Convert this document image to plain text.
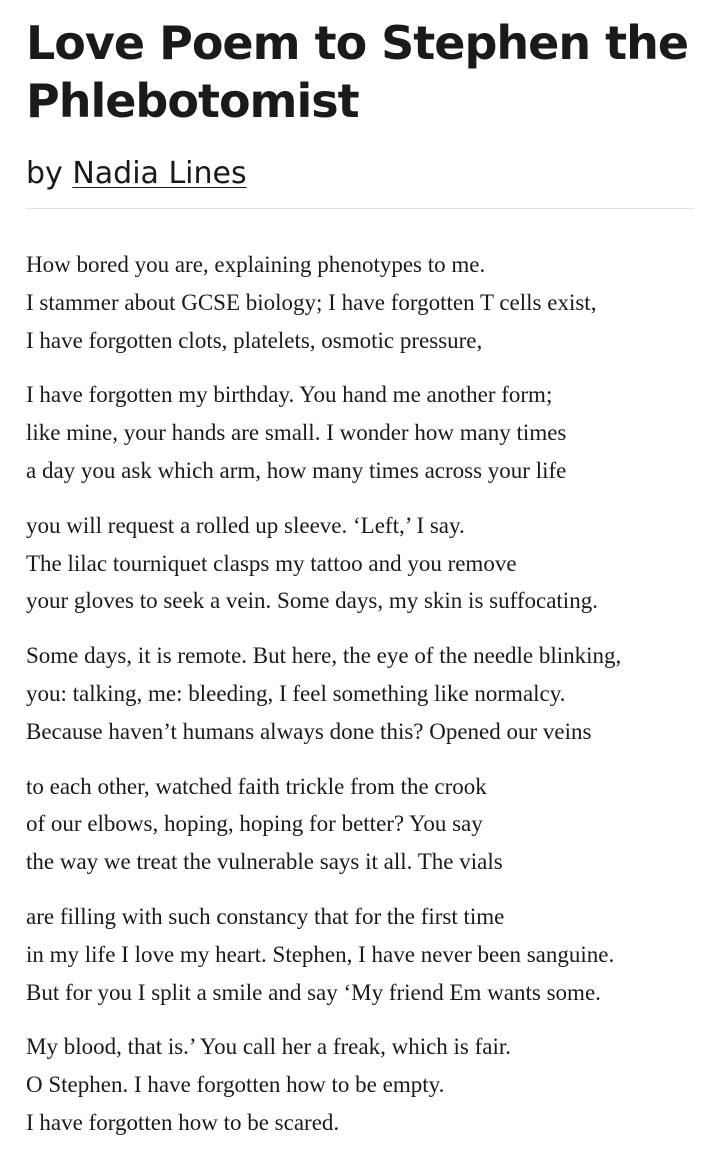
Love Poem to Stephen the
Phlebotomist
by Nadia Lines
How bored you are, explaining phenotypes to me.
I stammer about GCSE biology; I have forgotten T cells exist,
I have forgotten clots, platelets, osmotic pressure,
I have forgotten my birthday. You hand me another form;
like mine, your hands are small. I wonder how many times
a day you ask which arm, how many times across your life
you will request a rolled up sleeve. ‘Left,’ I say.
The lilac tourniquet clasps my tattoo and you remove
your gloves to seek a vein. Some days, my skin is suffocating.
Some days, it is remote. But here, the eye of the needle blinking,
you: talking, me: bleeding, I feel something like normalcy.
Because haven’t humans always done this? Opened our veins
to each other, watched faith trickle from the crook
of our elbows, hoping, hoping for better? You say
the way we treat the vulnerable says it all. The vials
are filling with such constancy that for the first time
in my life I love my heart. Stephen, I have never been sanguine.
But for you I split a smile and say ‘My friend Em wants some.
My blood, that is.’ You call her a freak, which is fair.
O Stephen. I have forgotten how to be empty.
I have forgotten how to be scared.
